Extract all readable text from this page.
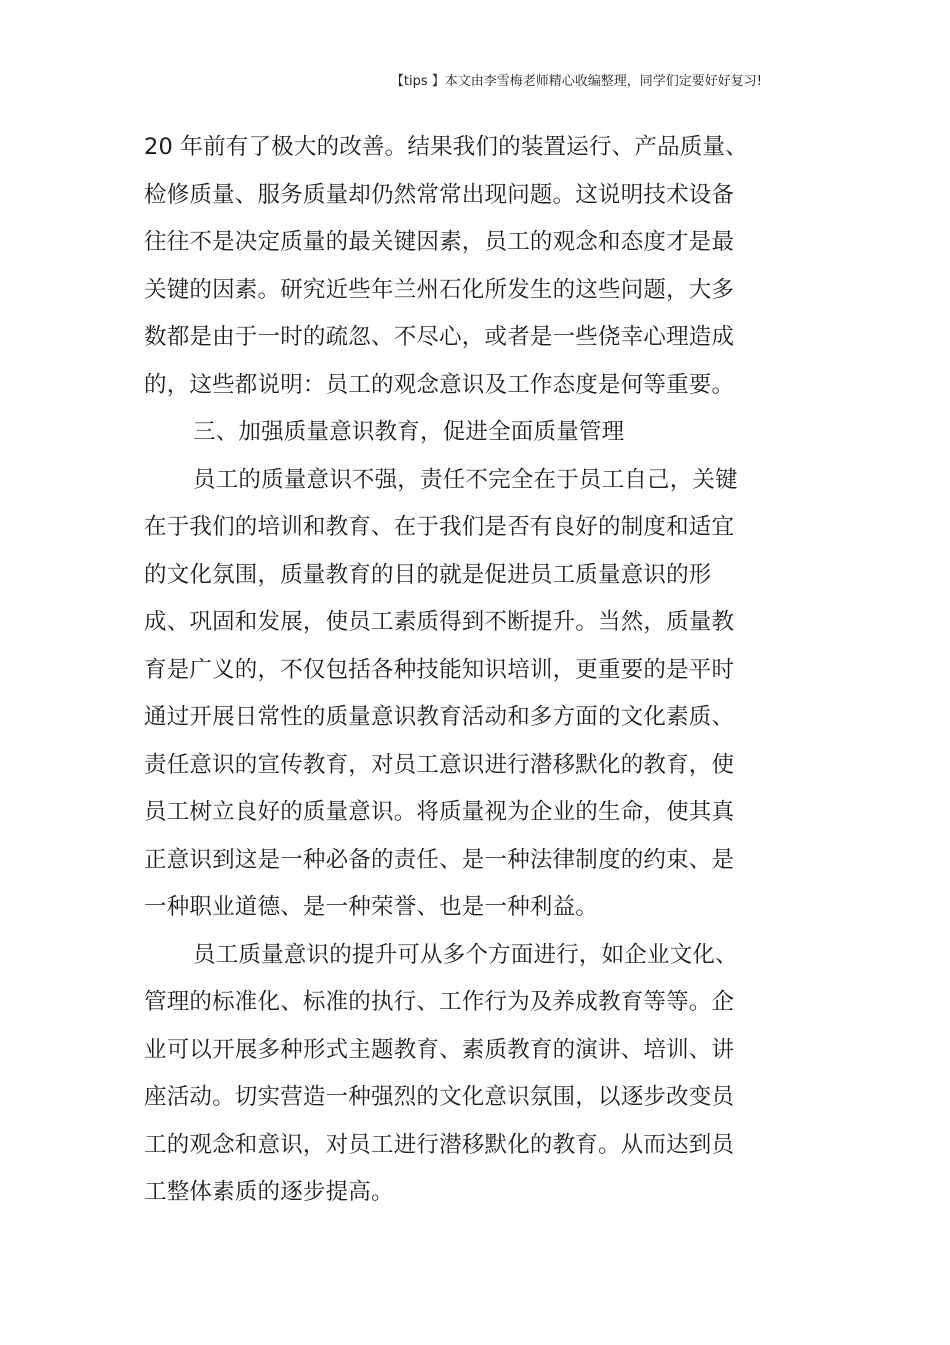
【tips 】本文由李雪梅老师精心收编整理，同学们定要好好复习!
20 年前有了极大的改善。结果我们的装置运行、产品质量、
检修质量、服务质量却仍然常常出现问题。这说明技术设备
往往不是决定质量的最关键因素，员工的观念和态度才是最
关键的因素。研究近些年兰州石化所发生的这些问题，大多
数都是由于一时的疏忽、不尽心，或者是一些侥幸心理造成
的，这些都说明：员工的观念意识及工作态度是何等重要。
三、加强质量意识教育，促进全面质量管理
员工的质量意识不强，责任不完全在于员工自己，关键
在于我们的培训和教育、在于我们是否有良好的制度和适宜
的文化氛围，质量教育的目的就是促进员工质量意识的形
成、巩固和发展，使员工素质得到不断提升。当然，质量教
育是广义的，不仅包括各种技能知识培训，更重要的是平时
通过开展日常性的质量意识教育活动和多方面的文化素质、
责任意识的宣传教育，对员工意识进行潜移默化的教育，使
员工树立良好的质量意识。将质量视为企业的生命，使其真
正意识到这是一种必备的责任、是一种法律制度的约束、是
一种职业道德、是一种荣誉、也是一种利益。
员工质量意识的提升可从多个方面进行，如企业文化、
管理的标准化、标准的执行、工作行为及养成教育等等。企
业可以开展多种形式主题教育、素质教育的演讲、培训、讲
座活动。切实营造一种强烈的文化意识氛围，以逐步改变员
工的观念和意识，对员工进行潜移默化的教育。从而达到员
工整体素质的逐步提高。
